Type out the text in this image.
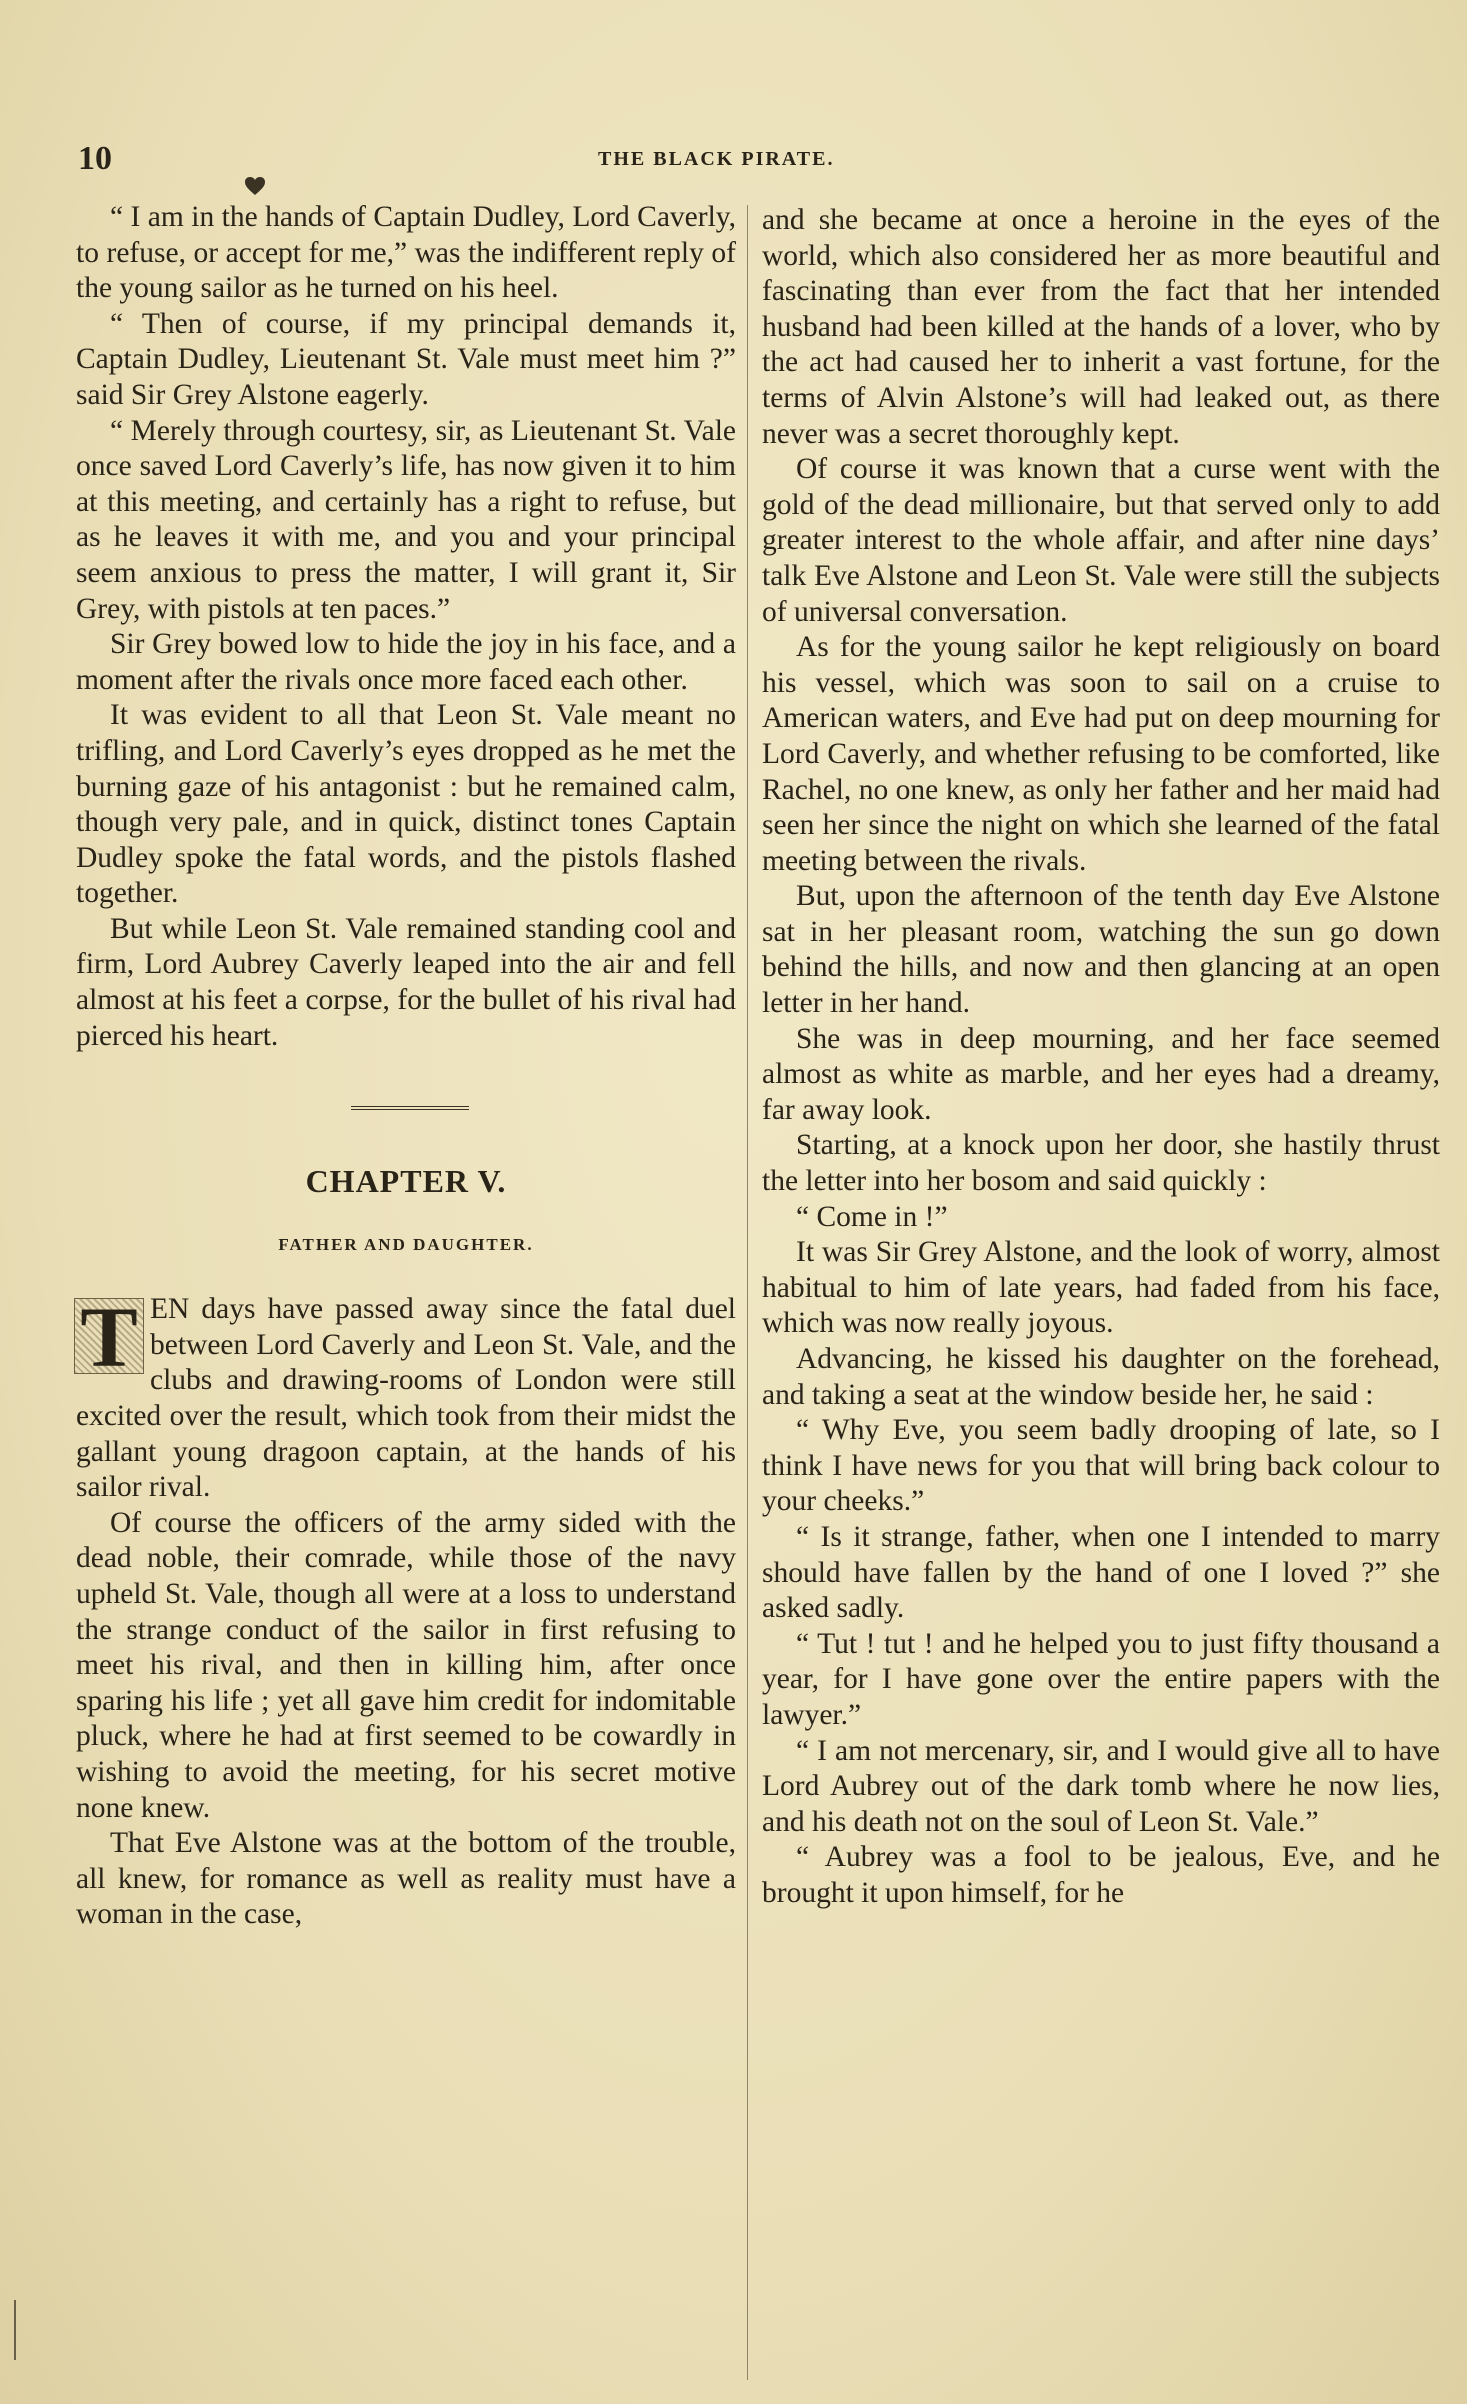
10	THE BLACK PIRATE.

“ I am in the hands of Captain Dudley, Lord Caverly, to refuse, or accept for me,” was the indifferent reply of the young sailor as he turned on his heel.

“ Then of course, if my principal demands it, Captain Dudley, Lieutenant St. Vale must meet him ?” said Sir Grey Alstone eagerly.

“ Merely through courtesy, sir, as Lieutenant St. Vale once saved Lord Caverly’s life, has now given it to him at this meeting, and certainly has a right to refuse, but as he leaves it with me, and you and your principal seem anxious to press the matter, I will grant it, Sir Grey, with pistols at ten paces.”

Sir Grey bowed low to hide the joy in his face, and a moment after the rivals once more faced each other.

It was evident to all that Leon St. Vale meant no trifling, and Lord Caverly’s eyes dropped as he met the burning gaze of his antagonist : but he remained calm, though very pale, and in quick, distinct tones Captain Dudley spoke the fatal words, and the pistols flashed together.

But while Leon St. Vale remained standing cool and firm, Lord Aubrey Caverly leaped into the air and fell almost at his feet a corpse, for the bullet of his rival had pierced his heart.

CHAPTER V.
FATHER AND DAUGHTER.

T EN days have passed away since the fatal duel between Lord Caverly and Leon St. Vale, and the clubs and drawing-rooms of London were still excited over the result, which took from their midst the gallant young dragoon captain, at the hands of his sailor rival.

Of course the officers of the army sided with the dead noble, their comrade, while those of the navy upheld St. Vale, though all were at a loss to understand the strange conduct of the sailor in first refusing to meet his rival, and then in killing him, after once sparing his life ; yet all gave him credit for indomitable pluck, where he had at first seemed to be cowardly in wishing to avoid the meeting, for his secret motive none knew.

That Eve Alstone was at the bottom of the trouble, all knew, for romance as well as reality must have a woman in the case,

and she became at once a heroine in the eyes of the world, which also considered her as more beautiful and fascinating than ever from the fact that her intended husband had been killed at the hands of a lover, who by the act had caused her to inherit a vast fortune, for the terms of Alvin Alstone’s will had leaked out, as there never was a secret thoroughly kept.

Of course it was known that a curse went with the gold of the dead millionaire, but that served only to add greater interest to the whole affair, and after nine days’ talk Eve Alstone and Leon St. Vale were still the subjects of universal conversation.

As for the young sailor he kept religiously on board his vessel, which was soon to sail on a cruise to American waters, and Eve had put on deep mourning for Lord Caverly, and whether refusing to be comforted, like Rachel, no one knew, as only her father and her maid had seen her since the night on which she learned of the fatal meeting between the rivals.

But, upon the afternoon of the tenth day Eve Alstone sat in her pleasant room, watching the sun go down behind the hills, and now and then glancing at an open letter in her hand.

She was in deep mourning, and her face seemed almost as white as marble, and her eyes had a dreamy, far away look.

Starting, at a knock upon her door, she hastily thrust the letter into her bosom and said quickly :

“ Come in !”

It was Sir Grey Alstone, and the look of worry, almost habitual to him of late years, had faded from his face, which was now really joyous.

Advancing, he kissed his daughter on the forehead, and taking a seat at the window beside her, he said :

“ Why Eve, you seem badly drooping of late, so I think I have news for you that will bring back colour to your cheeks.”

“ Is it strange, father, when one I intended to marry should have fallen by the hand of one I loved ?” she asked sadly.

“ Tut ! tut ! and he helped you to just fifty thousand a year, for I have gone over the entire papers with the lawyer.”

“ I am not mercenary, sir, and I would give all to have Lord Aubrey out of the dark tomb where he now lies, and his death not on the soul of Leon St. Vale.”

“ Aubrey was a fool to be jealous, Eve, and he brought it upon himself, for he
